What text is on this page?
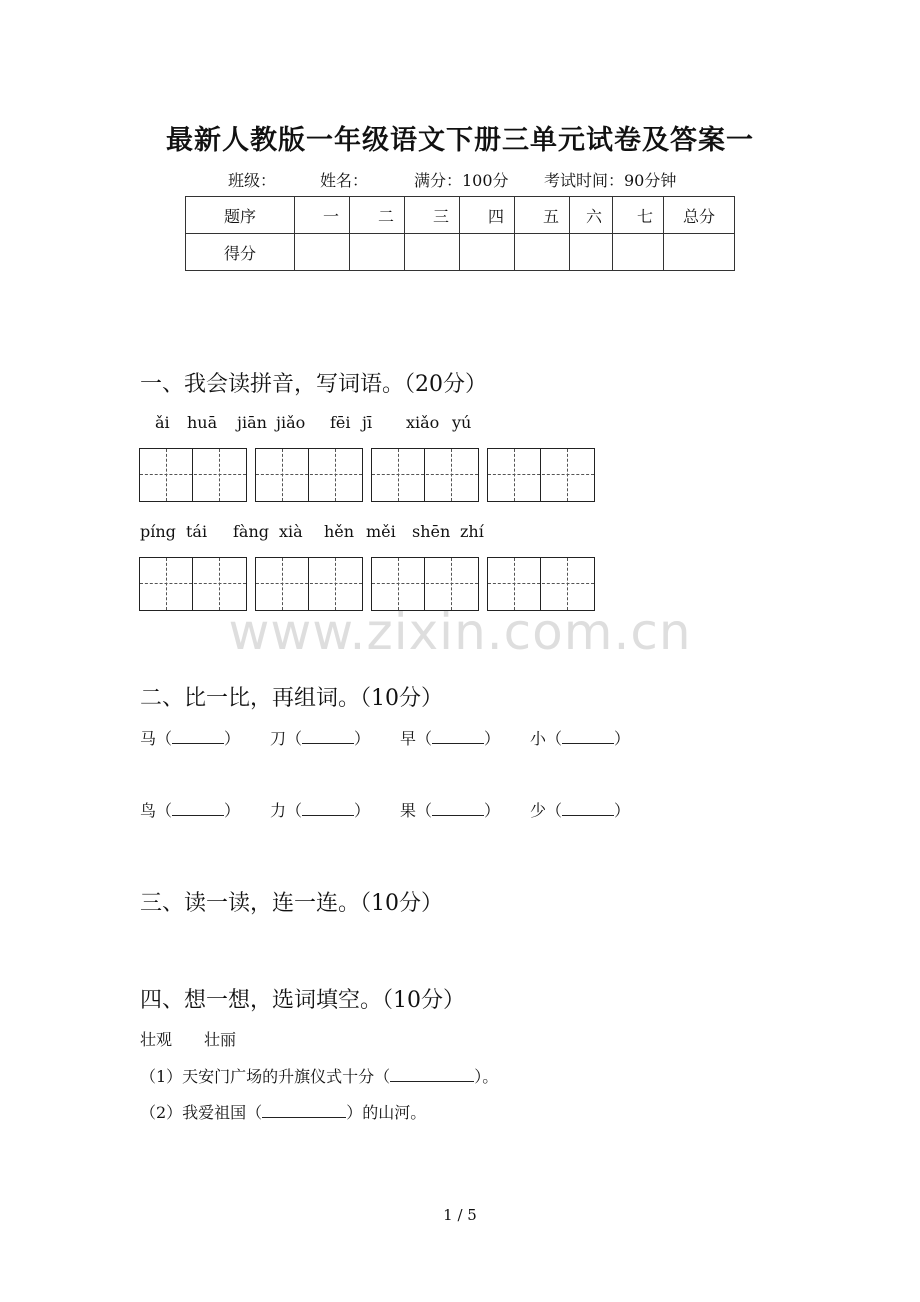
最新人教版一年级语文下册三单元试卷及答案一
班级：	姓名：	满分：100分 考试时间：90分钟
题序	一	二	三	四	五	六	七	总分
得分								
一、我会读拼音，写词语。（20分）
ǎi huā jiān jiǎo fēi jī xiǎo yú
píng tái fàng xià hěn měi shēn zhí
www.zixin.com.cn
二、比一比，再组词。（10分）
马（	） 刀（	） 早（	） 小（	）
鸟（	） 力（	） 果（	） 少（	）
三、读一读，连一连。（10分）
四、想一想，选词填空。（10分）
壮观　　壮丽
（1）天安门广场的升旗仪式十分（	）。
（2）我爱祖国（	）的山河。
1 / 5
